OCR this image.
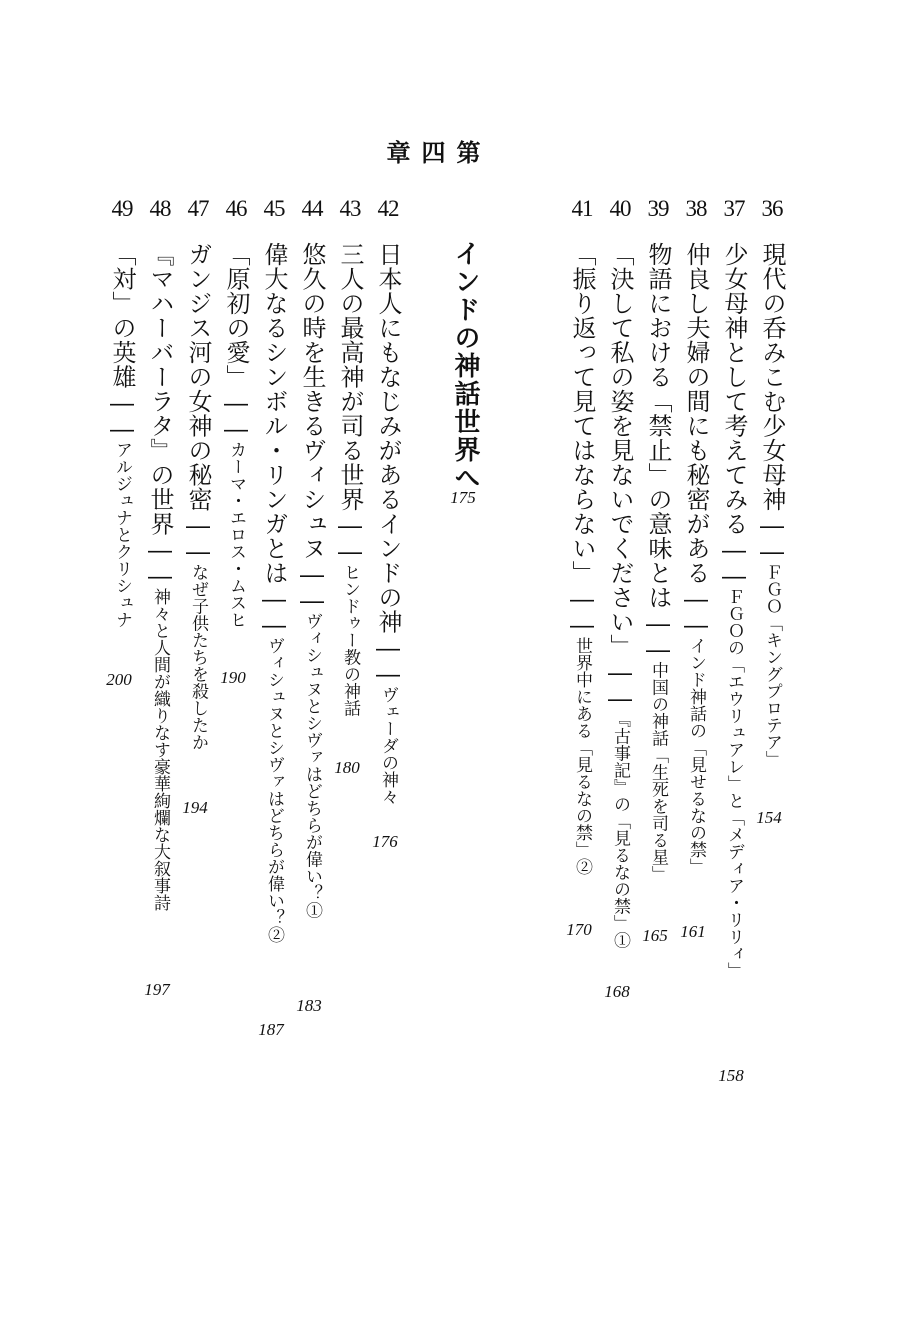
36
現代の呑みこむ少女母神――ＦＧＯ「キングプロテア」
154
37
少女母神として考えてみる――ＦＧＯの「エウリュアレ」と「メディア・リリィ」
158
38
仲良し夫婦の間にも秘密がある――インド神話の「見せるなの禁」
161
39
物語における「禁止」の意味とは――中国の神話「生死を司る星」
165
40
「決して私の姿を見ないでください」――『古事記』の「見るなの禁」①
168
41
「振り返って見てはならない」――世界中にある「見るなの禁」②
170
第四章
インドの神話世界へ
175
42
日本人にもなじみがあるインドの神――ヴェーダの神々
176
43
三人の最高神が司る世界――ヒンドゥー教の神話
180
44
悠久の時を生きるヴィシュヌ――ヴィシュヌとシヴァはどちらが偉い？①
183
45
偉大なるシンボル・リンガとは――ヴィシュヌとシヴァはどちらが偉い？②
187
46
「原初の愛」――カーマ・エロス・ムスヒ
190
47
ガンジス河の女神の秘密――なぜ子供たちを殺したか
194
48
『マハーバーラタ』の世界――神々と人間が織りなす豪華絢爛な大叙事詩
197
49
「対」の英雄――アルジュナとクリシュナ
200
